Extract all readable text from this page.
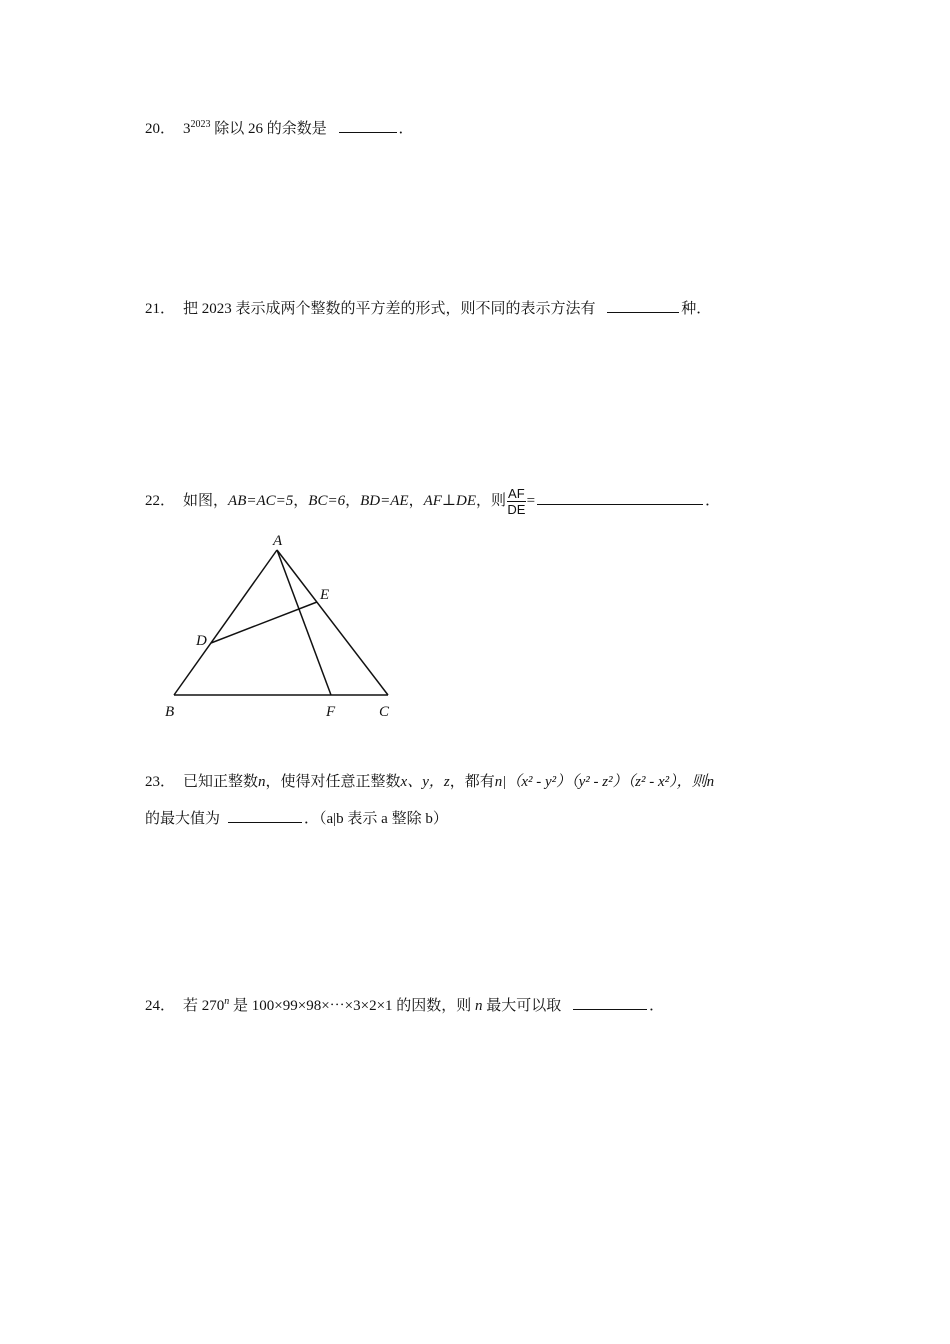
20． $3^{2023}$ 除以 26 的余数是	．
21． 把 2023 表示成两个整数的平方差的形式，则不同的表示方法有	种．
22． 如图，AB=AC=5，BC=6，BD=AE，AF⊥DE，则 $\frac{AF}{DE}$ =	．
A
B	C
D
E
F
23． 已知正整数n，使得对任意正整数x、y，z，都有n|（x² - y²）（y² - z²）（z² - x²），则n
的最大值为	．（a|b 表示 a 整除 b）
24． 若 270$^n$ 是 100×99×98×⋯×3×2×1 的因数，则 n 最大可以取	．
